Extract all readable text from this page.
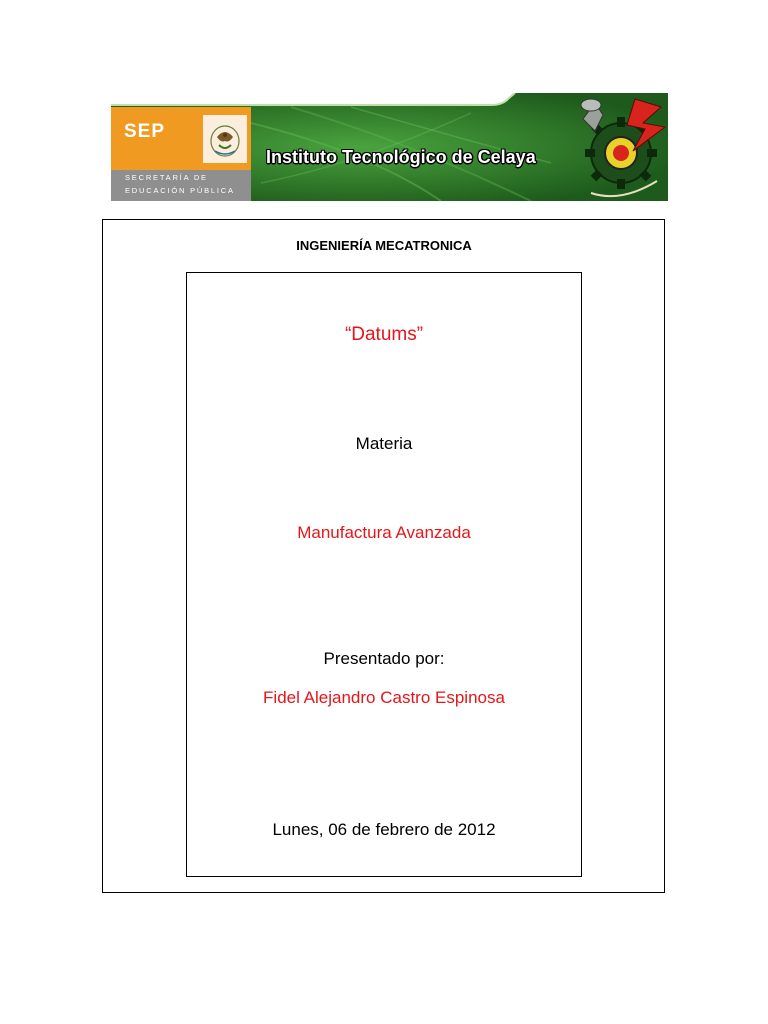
SEP
SECRETARÍA DE
EDUCACIÓN PÚBLICA
Instituto Tecnológico de Celaya
INGENIERÍA MECATRONICA
“Datums”
Materia
Manufactura Avanzada
Presentado por:
Fidel Alejandro Castro Espinosa
Lunes, 06 de febrero de 2012
